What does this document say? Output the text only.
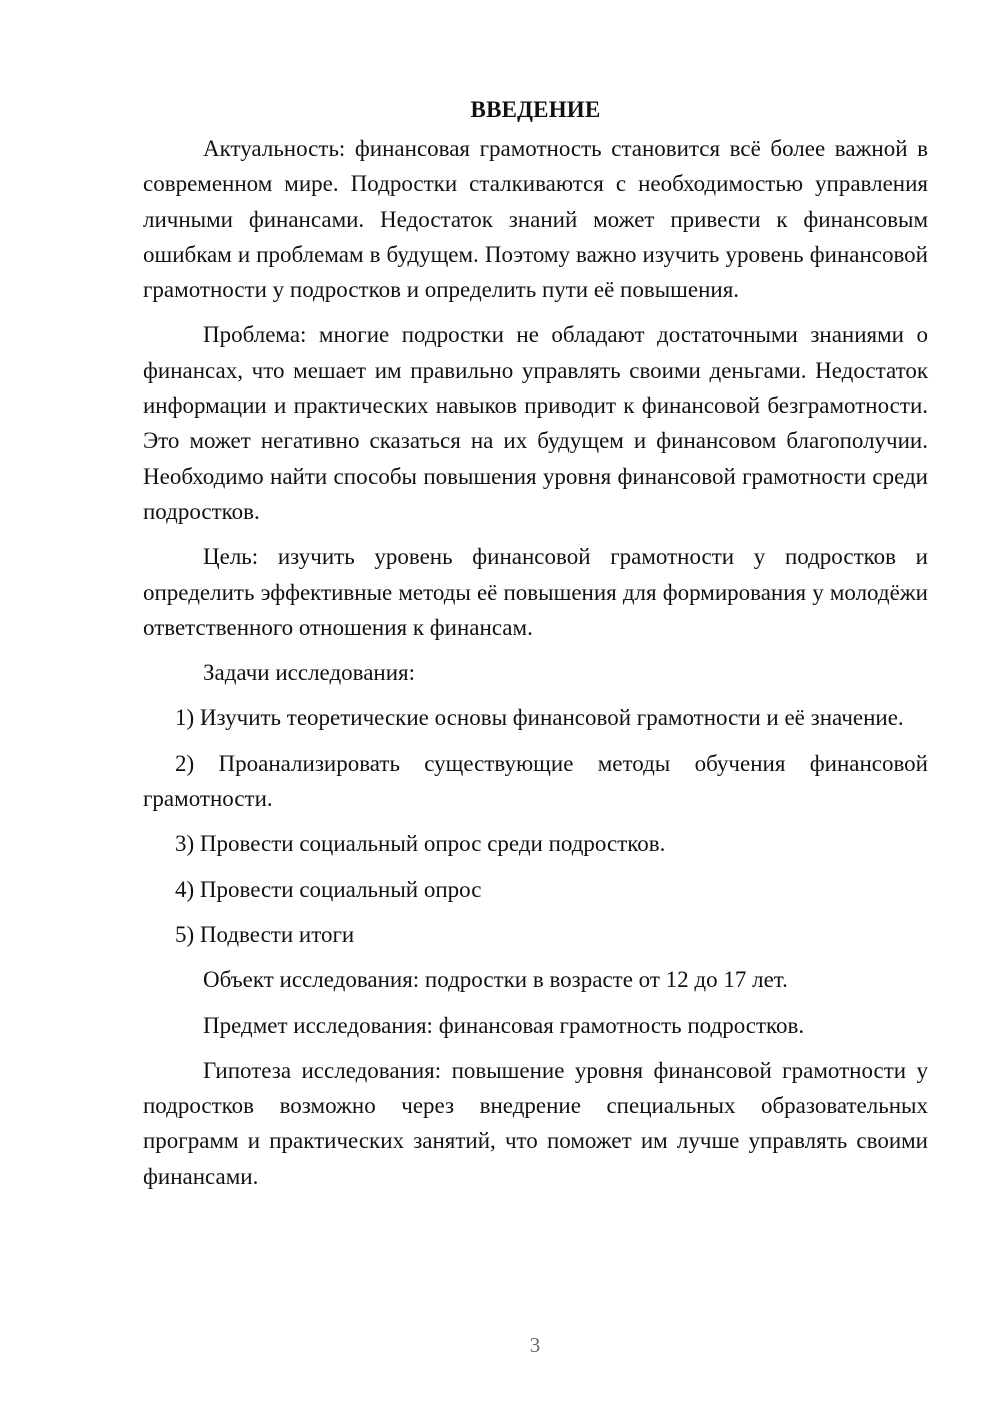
ВВЕДЕНИЕ

Актуальность: финансовая грамотность становится всё более важной в современном мире. Подростки сталкиваются с необходимостью управления личными финансами. Недостаток знаний может привести к финансовым ошибкам и проблемам в будущем. Поэтому важно изучить уровень финансовой грамотности у подростков и определить пути её повышения.

Проблема: многие подростки не обладают достаточными знаниями о финансах, что мешает им правильно управлять своими деньгами. Недостаток информации и практических навыков приводит к финансовой безграмотности. Это может негативно сказаться на их будущем и финансовом благополучии. Необходимо найти способы повышения уровня финансовой грамотности среди подростков.

Цель: изучить уровень финансовой грамотности у подростков и определить эффективные методы её повышения для формирования у молодёжи ответственного отношения к финансам.

Задачи исследования:

1) Изучить теоретические основы финансовой грамотности и её значение.

2) Проанализировать существующие методы обучения финансовой грамотности.

3) Провести социальный опрос среди подростков.

4) Провести социальный опрос

5) Подвести итоги

Объект исследования: подростки в возрасте от 12 до 17 лет.

Предмет исследования: финансовая грамотность подростков.

Гипотеза исследования: повышение уровня финансовой грамотности у подростков возможно через внедрение специальных образовательных программ и практических занятий, что поможет им лучше управлять своими финансами.

3
